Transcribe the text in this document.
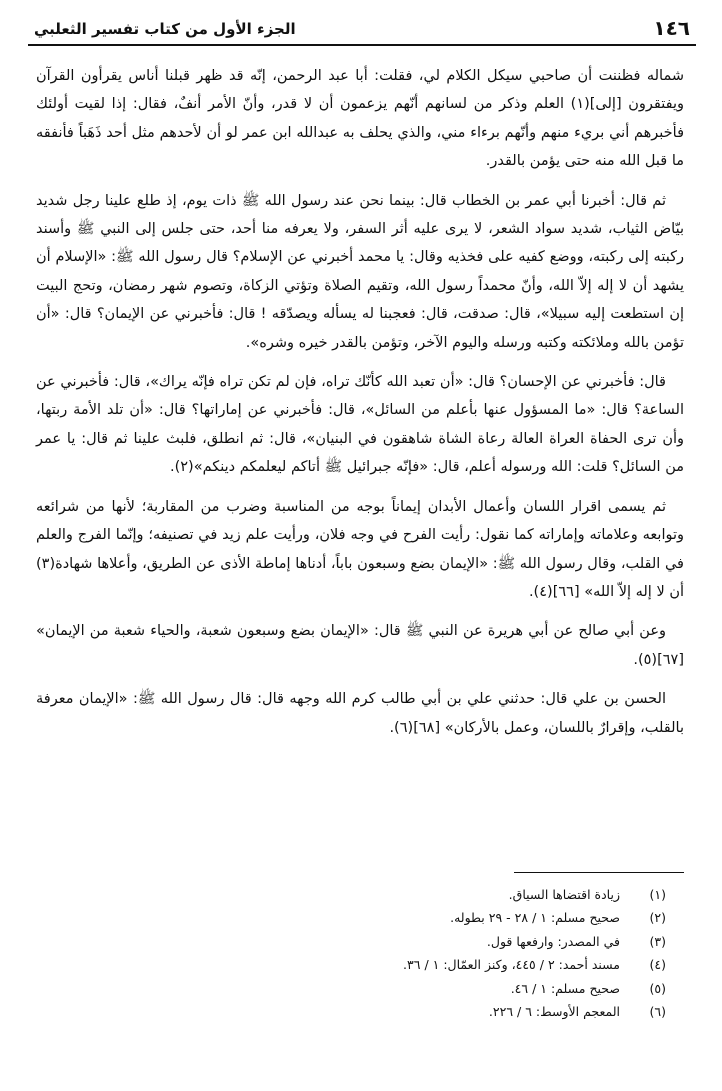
١٤٦
الجزء الأول من كتاب تفسير الثعلبي

شماله فظننت أن صاحبي سيكل الكلام لي، فقلت: أبا عبد الرحمن، إنّه قد ظهر قبلنا أناس يقرأون القرآن ويفتقرون [إلى](١) العلم وذكر من لسانهم أنّهم يزعمون أن لا قدر، وأنّ الأمر أنفٌ، فقال: إذا لقيت أولئك فأخبرهم أني بريء منهم وأنّهم برءاء مني، والذي يحلف به عبدالله ابن عمر لو أن لأحدهم مثل أحد ذَهَباً فأنفقه ما قبل الله منه حتى يؤمن بالقدر.

ثم قال: أخبرنا أبي عمر بن الخطاب قال: بينما نحن عند رسول الله ﷺ ذات يوم، إذ طلع علينا رجل شديد بيّاض الثياب، شديد سواد الشعر، لا يرى عليه أثر السفر، ولا يعرفه منا أحد، حتى جلس إلى النبي ﷺ وأسند ركبته إلى ركبته، ووضع كفيه على فخذيه وقال: يا محمد أخبرني عن الإسلام؟ قال رسول الله ﷺ: «الإسلام أن يشهد أن لا إله إلاّ الله، وأنّ محمداً رسول الله، وتقيم الصلاة وتؤتي الزكاة، وتصوم شهر رمضان، وتحج البيت إن استطعت إليه سبيلا»، قال: صدقت، قال: فعجبنا له يسأله ويصدّقه ! قال: فأخبرني عن الإيمان؟ قال: «أن تؤمن بالله وملائكته وكتبه ورسله واليوم الآخر، وتؤمن بالقدر خيره وشره».

قال: فأخبرني عن الإحسان؟ قال: «أن تعبد الله كأنّك تراه، فإن لم تكن تراه فإنّه يراك»، قال: فأخبرني عن الساعة؟ قال: «ما المسؤول عنها بأعلم من السائل»، قال: فأخبرني عن إماراتها؟ قال: «أن تلد الأمة ربتها، وأن ترى الحفاة العراة العالة رعاة الشاة شاهقون في البنيان»، قال: ثم انطلق، فلبث علينا ثم قال: يا عمر من السائل؟ قلت: الله ورسوله أعلم، قال: «فإنّه جبرائيل ﷺ أتاكم ليعلمكم دينكم»(٢).

ثم يسمى اقرار اللسان وأعمال الأبدان إيماناً بوجه من المناسبة وضرب من المقاربة؛ لأنها من شرائعه وتوابعه وعلاماته وإماراته كما نقول: رأيت الفرح في وجه فلان، ورأيت علم زيد في تصنيفه؛ وإنّما الفرج والعلم في القلب، وقال رسول الله ﷺ: «الإيمان بضع وسبعون باباً، أدناها إماطة الأذى عن الطريق، وأعلاها شهادة(٣) أن لا إله إلاّ الله» [٦٦](٤).

وعن أبي صالح عن أبي هريرة عن النبي ﷺ قال: «الإيمان بضع وسبعون شعبة، والحياء شعبة من الإيمان» [٦٧](٥).

الحسن بن علي قال: حدثني علي بن أبي طالب كرم الله وجهه قال: قال رسول الله ﷺ: «الإيمان معرفة بالقلب، وإقرارٌ باللسان، وعمل بالأركان» [٦٨](٦).

(١)
زيادة اقتضاها السياق.
(٢)
صحيح مسلم: ١ / ٢٨ - ٢٩ بطوله.
(٣)
في المصدر: وارفعها قول.
(٤)
مسند أحمد: ٢ / ٤٤٥، وكنز العمّال: ١ / ٣٦.
(٥)
صحيح مسلم: ١ / ٤٦.
(٦)
المعجم الأوسط: ٦ / ٢٢٦.
